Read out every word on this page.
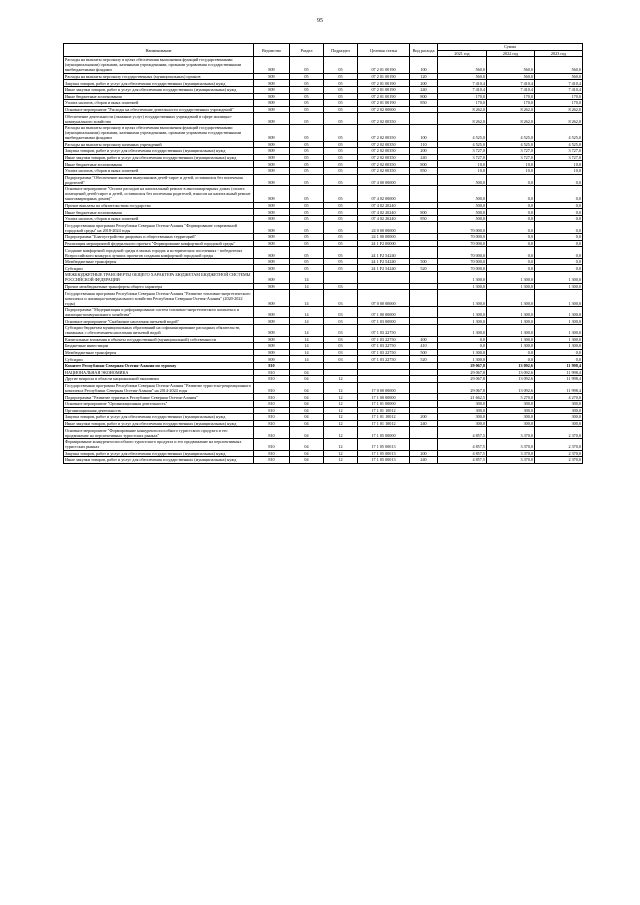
95
Наименование	Ведомство	Раздел	Подраздел	Целевая статья	Вид расхода	Сумма		
						2021 год	2022 год	2023 год
Расходы на выплаты персоналу в целях обеспечения выполнения функций государственными (муниципальными) органами, казенными учреждениями, органами управления государственными внебюджетными фондами	809	05	05	07 2 01 00190	100	560,0	560,0	560,0
Расходы на выплаты персоналу государственных (муниципальных) органов	809	05	05	07 2 01 00190	120	560,0	560,0	560,0
Закупка товаров, работ и услуг для обеспечения государственных (муниципальных) нужд	809	05	05	07 2 01 00190	200	7 410,4	7 410,4	7 410,4
Иные закупки товаров, работ и услуг для обеспечения государственных (муниципальных) нужд	809	05	05	07 2 01 00190	240	7 410,4	7 410,4	7 410,4
Иные бюджетные ассигнования	809	05	05	07 2 01 00190	800	170,0	170,0	170,0
Уплата налогов, сборов и иных платежей	809	05	05	07 2 01 00190	850	170,0	170,0	170,0
Основное мероприятие "Расходы на обеспечение деятельности государственных учреждений"	809	05	05	07 2 02 00000		8 262,0	8 262,0	8 262,0
Обеспечение деятельности (оказание услуг) государственных учреждений в сфере жилищно-коммунального хозяйства	809	05	05	07 2 02 00350		8 262,0	8 262,0	8 262,0
Расходы на выплаты персоналу в целях обеспечения выполнения функций государственными (муниципальными) органами, казенными учреждениями, органами управления государственными внебюджетными фондами	809	05	05	07 2 02 00350	100	4 525,0	4 525,0	4 525,0
Расходы на выплаты персоналу казенных учреждений	809	05	05	07 2 02 00350	110	4 525,0	4 525,0	4 525,0
Закупка товаров, работ и услуг для обеспечения государственных (муниципальных) нужд	809	05	05	07 2 02 00350	200	3 727,0	3 727,0	3 727,0
Иные закупки товаров, работ и услуг для обеспечения государственных (муниципальных) нужд	809	05	05	07 2 02 00350	240	3 727,0	3 727,0	3 727,0
Иные бюджетные ассигнования	809	05	05	07 2 02 00350	800	10,0	10,0	10,0
Уплата налогов, сборов и иных платежей	809	05	05	07 2 02 00350	850	10,0	10,0	10,0
Подпрограмма "Обеспечение жильем выпускников детей-сирот и детей, оставшихся без попечения родителей"	809	05	05	07 4 00 00000		500,0	0,0	0,0
Основное мероприятие "Оплата расходов на капитальный ремонт в многоквартирных домах (оплата помещений детей-сирот и детей, оставшихся без попечения родителей, взносов на капитальный ремонт многоквартирных домов)"	809	05	05	07 4 02 00000		500,0	0,0	0,0
Прочие выплаты по обязательствам государства	809	05	05	07 4 02 20240		500,0	0,0	0,0
Иные бюджетные ассигнования	809	05	05	07 4 02 20240	800	500,0	0,0	0,0
Уплата налогов, сборов и иных платежей	809	05	05	07 4 02 20240	850	500,0	0,0	0,0
Государственная программа Республики Северная Осетия-Алания "Формирование современной городской среды" на 2018-2024 годы	809	05	05	24 0 00 00000		70 000,0	0,0	0,0
Подпрограмма "Благоустройство дворовых и общественных территорий"	809	05	05	24 1 00 00000		70 000,0	0,0	0,0
Реализация мероприятий федерального проекта "Формирование комфортной городской среды"	809	05	05	24 1 F2 00000		70 000,0	0,0	0,0
Создание комфортной городской среды в малых городах и исторических поселениях - победителях Всероссийского конкурса лучших проектов создания комфортной городской среды	809	05	05	24 1 F2 54240		70 000,0	0,0	0,0
Межбюджетные трансферты	809	05	05	24 1 F2 54240	500	70 000,0	0,0	0,0
Субсидии	809	05	05	24 1 F2 54240	520	70 000,0	0,0	0,0
МЕЖБЮДЖЕТНЫЕ ТРАНСФЕРТЫ ОБЩЕГО ХАРАКТЕРА БЮДЖЕТАМ БЮДЖЕТНОЙ СИСТЕМЫ РОССИЙСКОЙ ФЕДЕРАЦИИ	809	14				1 300,0	1 300,0	1 300,0
Прочие межбюджетные трансферты общего характера	809	14	03			1 300,0	1 300,0	1 300,0
Государственная программа Республики Северная Осетия-Алания "Развитие топливно-энергетического комплекса и жилищно-коммунального хозяйства Республики Северная Осетия-Алания" (2020-2022 годы)	809	14	03	07 0 00 00000		1 300,0	1 300,0	1 300,0
Подпрограмма "Модернизация и реформирование систем топливно-энергетического комплекса и жилищно-коммунального хозяйства"	809	14	03	07 1 00 00000		1 300,0	1 300,0	1 300,0
Основное мероприятие "Снабжение населения питьевой водой"	809	14	03	07 1 03 00000		1 300,0	1 300,0	1 300,0
Субсидии бюджетам муниципальных образований на софинансирование расходных обязательств, связанных с обеспечением населения питьевой водой	809	14	03	07 1 03 22750		1 300,0	1 300,0	1 300,0
Капитальные вложения в объекты государственной (муниципальной) собственности	809	14	03	07 1 03 22750	400	0,0	1 300,0	1 300,0
Бюджетные инвестиции	809	14	03	07 1 03 22750	410	0,0	1 300,0	1 300,0
Межбюджетные трансферты	809	14	03	07 1 03 22750	500	1 300,0	0,0	0,0
Субсидии	809	14	03	07 1 03 22750	520	1 300,0	0,0	0,0
Комитет Республики Северная Осетия-Алания по туризму	810					29 067,8	13 092,6	11 998,4
НАЦИОНАЛЬНАЯ ЭКОНОМИКА	810	04				29 067,8	13 092,6	11 998,4
Другие вопросы в области национальной экономики	810	04	12			29 067,8	13 092,6	11 998,4
Государственная программа Республики Северная Осетия-Алания "Развитие туристско-рекреационного комплекса Республики Северная Осетия-Алания" на 2014-2024 годы	810	04	12	17 0 00 00000		29 067,8	13 092,6	11 998,4
Подпрограмма "Развитие туризма в Республике Северная Осетия-Алания"	810	04	12	17 1 00 00000		21 662,5	5 270,0	4 270,0
Основное мероприятие "Организационная деятельность"	810	04	12	17 1 01 00000		300,0	300,0	300,0
Организационная деятельность	810	04	12	17 1 01 10012		300,0	300,0	300,0
Закупка товаров, работ и услуг для обеспечения государственных (муниципальных) нужд	810	04	12	17 1 01 10012	200	300,0	300,0	300,0
Иные закупки товаров, работ и услуг для обеспечения государственных (муниципальных) нужд	810	04	12	17 1 01 10012	240	300,0	300,0	300,0
Основное мероприятие "Формирование конкурентоспособного туристского продукта и его продвижение на перспективных туристских рынках"	810	04	12	17 1 05 00000		4 857,5	3 370,0	2 370,0
Формирование конкурентоспособного туристского продукта и его продвижение на перспективных туристских рынках	810	04	12	17 1 05 00013		4 857,5	3 370,0	2 370,0
Закупка товаров, работ и услуг для обеспечения государственных (муниципальных) нужд	810	04	12	17 1 05 00013	200	4 857,5	3 370,0	2 370,0
Иные закупки товаров, работ и услуг для обеспечения государственных (муниципальных) нужд	810	04	12	17 1 05 00013	240	4 857,5	3 370,0	2 370,0
